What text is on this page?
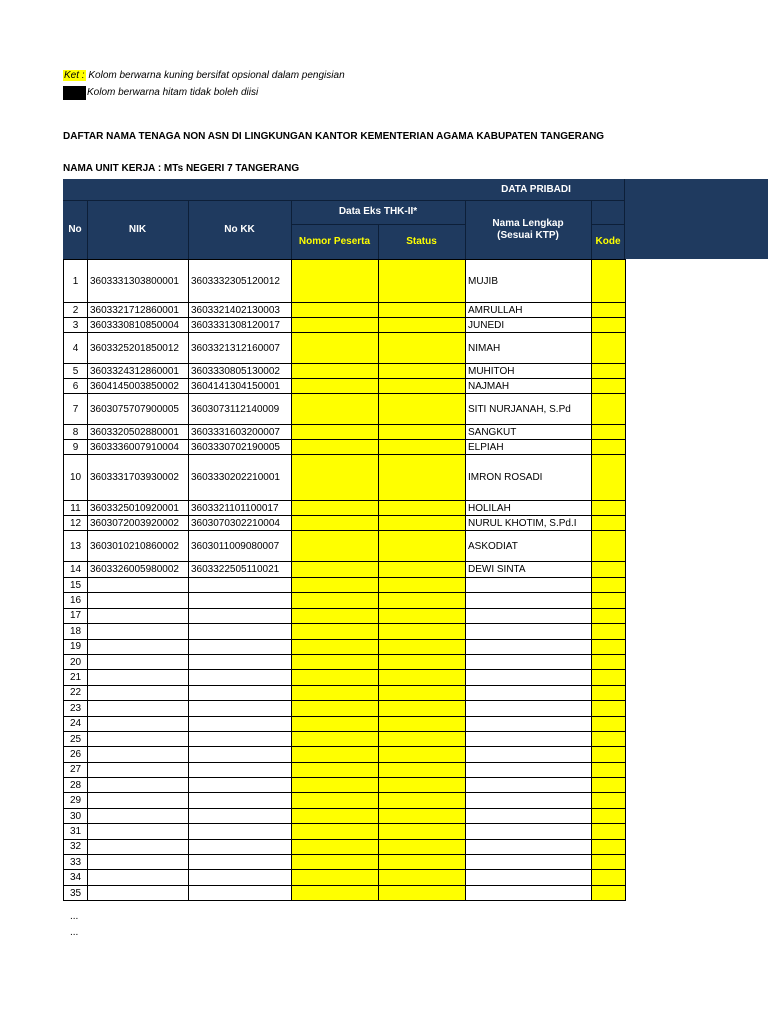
Ket : Kolom berwarna kuning bersifat opsional dalam pengisian
Kolom berwarna hitam tidak boleh diisi
DAFTAR NAMA TENAGA NON ASN DI LINGKUNGAN KANTOR KEMENTERIAN AGAMA KABUPATEN TANGERANG
NAMA UNIT KERJA : MTs NEGERI 7 TANGERANG
DATA PRIBADI
No	NIK	No KK
Data Eks THK-II*
Nomor Peserta	Status
Nama Lengkap (Sesuai KTP)
Kode
1	3603331303800001	3603332305120012			MUJIB	
2	3603321712860001	3603321402130003			AMRULLAH	
3	3603330810850004	3603331308120017			JUNEDI	
4	3603325201850012	3603321312160007			NIMAH	
5	3603324312860001	3603330805130002			MUHITOH	
6	3604145003850002	3604141304150001			NAJMAH	
7	3603075707900005	3603073112140009			SITI NURJANAH, S.Pd	
8	3603320502880001	3603331603200007			SANGKUT	
9	3603336007910004	3603330702190005			ELPIAH	
10	3603331703930002	3603330202210001			IMRON ROSADI	
11	3603325010920001	3603321101100017			HOLILAH	
12	3603072003920002	3603070302210004			NURUL KHOTIM, S.Pd.I	
13	3603010210860002	3603011009080007			ASKODIAT	
14	3603326005980002	3603322505110021			DEWI SINTA	
15						
16						
17						
18						
19						
20						
21						
22						
23						
24						
25						
26						
27						
28						
29						
30						
31						
32						
33						
34						
35						
...
...
